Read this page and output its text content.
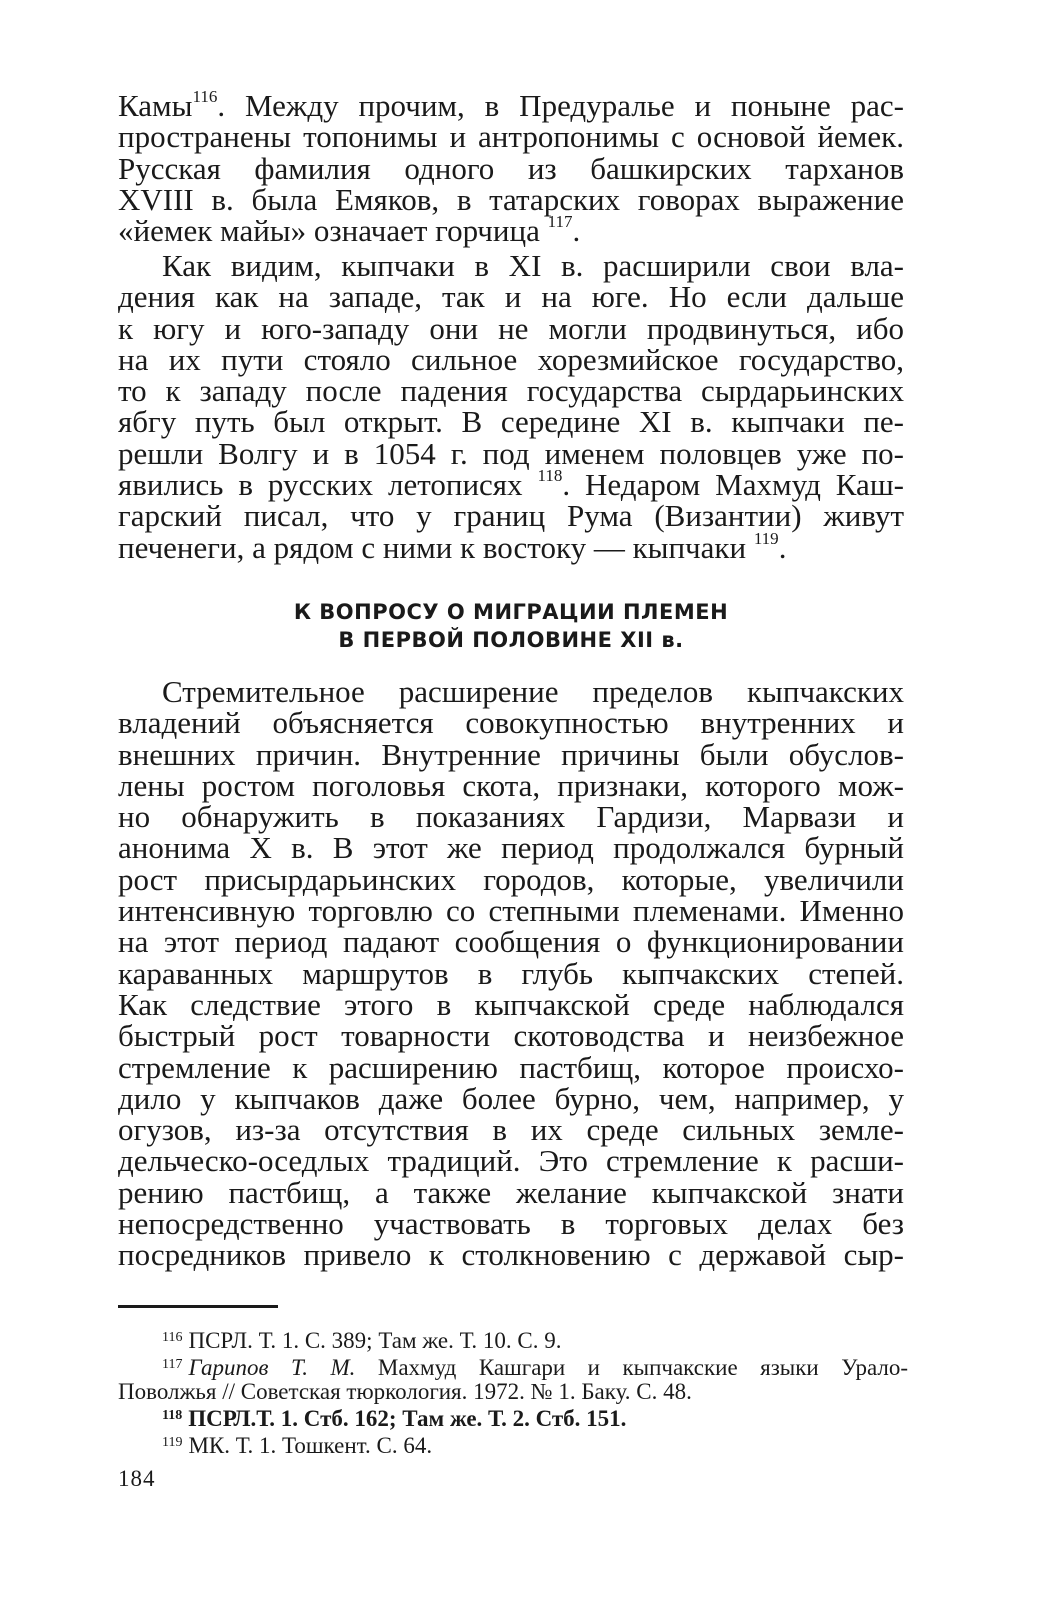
Камы$^{116}$. Между прочим, в Предуралье и поныне рас-
пространены топонимы и антропонимы с основой йемек.
Русская фамилия одного из башкирских тарханов
XVIII в. была Емяков, в татарских говорах выражение
«йемек майы» означает горчица $^{117}$.
Как видим, кыпчаки в XI в. расширили свои вла-
дения как на западе, так и на юге. Но если дальше
к югу и юго-западу они не могли продвинуться, ибо
на их пути стояло сильное хорезмийское государство,
то к западу после падения государства сырдарьинских
ябгу путь был открыт. В середине XI в. кыпчаки пе-
решли Волгу и в 1054 г. под именем половцев уже по-
явились в русских летописях $^{118}$. Недаром Махмуд Каш-
гарский писал, что у границ Рума (Византии) живут
печенеги, а рядом с ними к востоку — кыпчаки $^{119}$.
К ВОПРОСУ О МИГРАЦИИ ПЛЕМЕН
В ПЕРВОЙ ПОЛОВИНЕ XII в.
Стремительное расширение пределов кыпчакских
владений объясняется совокупностью внутренних и
внешних причин. Внутренние причины были обуслов-
лены ростом поголовья скота, признаки, которого мож-
но обнаружить в показаниях Гардизи, Марвази и
анонима X в. В этот же период продолжался бурный
рост присырдарьинских городов, которые, увеличили
интенсивную торговлю со степными племенами. Именно
на этот период падают сообщения о функционировании
караванных маршрутов в глубь кыпчакских степей.
Как следствие этого в кыпчакской среде наблюдался
быстрый рост товарности скотоводства и неизбежное
стремление к расширению пастбищ, которое происхо-
дило у кыпчаков даже более бурно, чем, например, у
огузов, из-за отсутствия в их среде сильных земле-
дельческо-оседлых традиций. Это стремление к расши-
рению пастбищ, а также желание кыпчакской знати
непосредственно участвовать в торговых делах без
посредников привело к столкновению с державой сыр-
$^{116}$ ПСРЛ. Т. 1. С. 389; Там же. Т. 10. С. 9.
$^{117}$ Гарипов Т. М. Махмуд Кашгари и кыпчакские языки Урало-
Поволжья // Советская тюркология. 1972. № 1. Баку. С. 48.
$^{118}$ ПСРЛ.Т. 1. Стб. 162; Там же. Т. 2. Стб. 151.
$^{119}$ МК. Т. 1. Тошкент. С. 64.
184
